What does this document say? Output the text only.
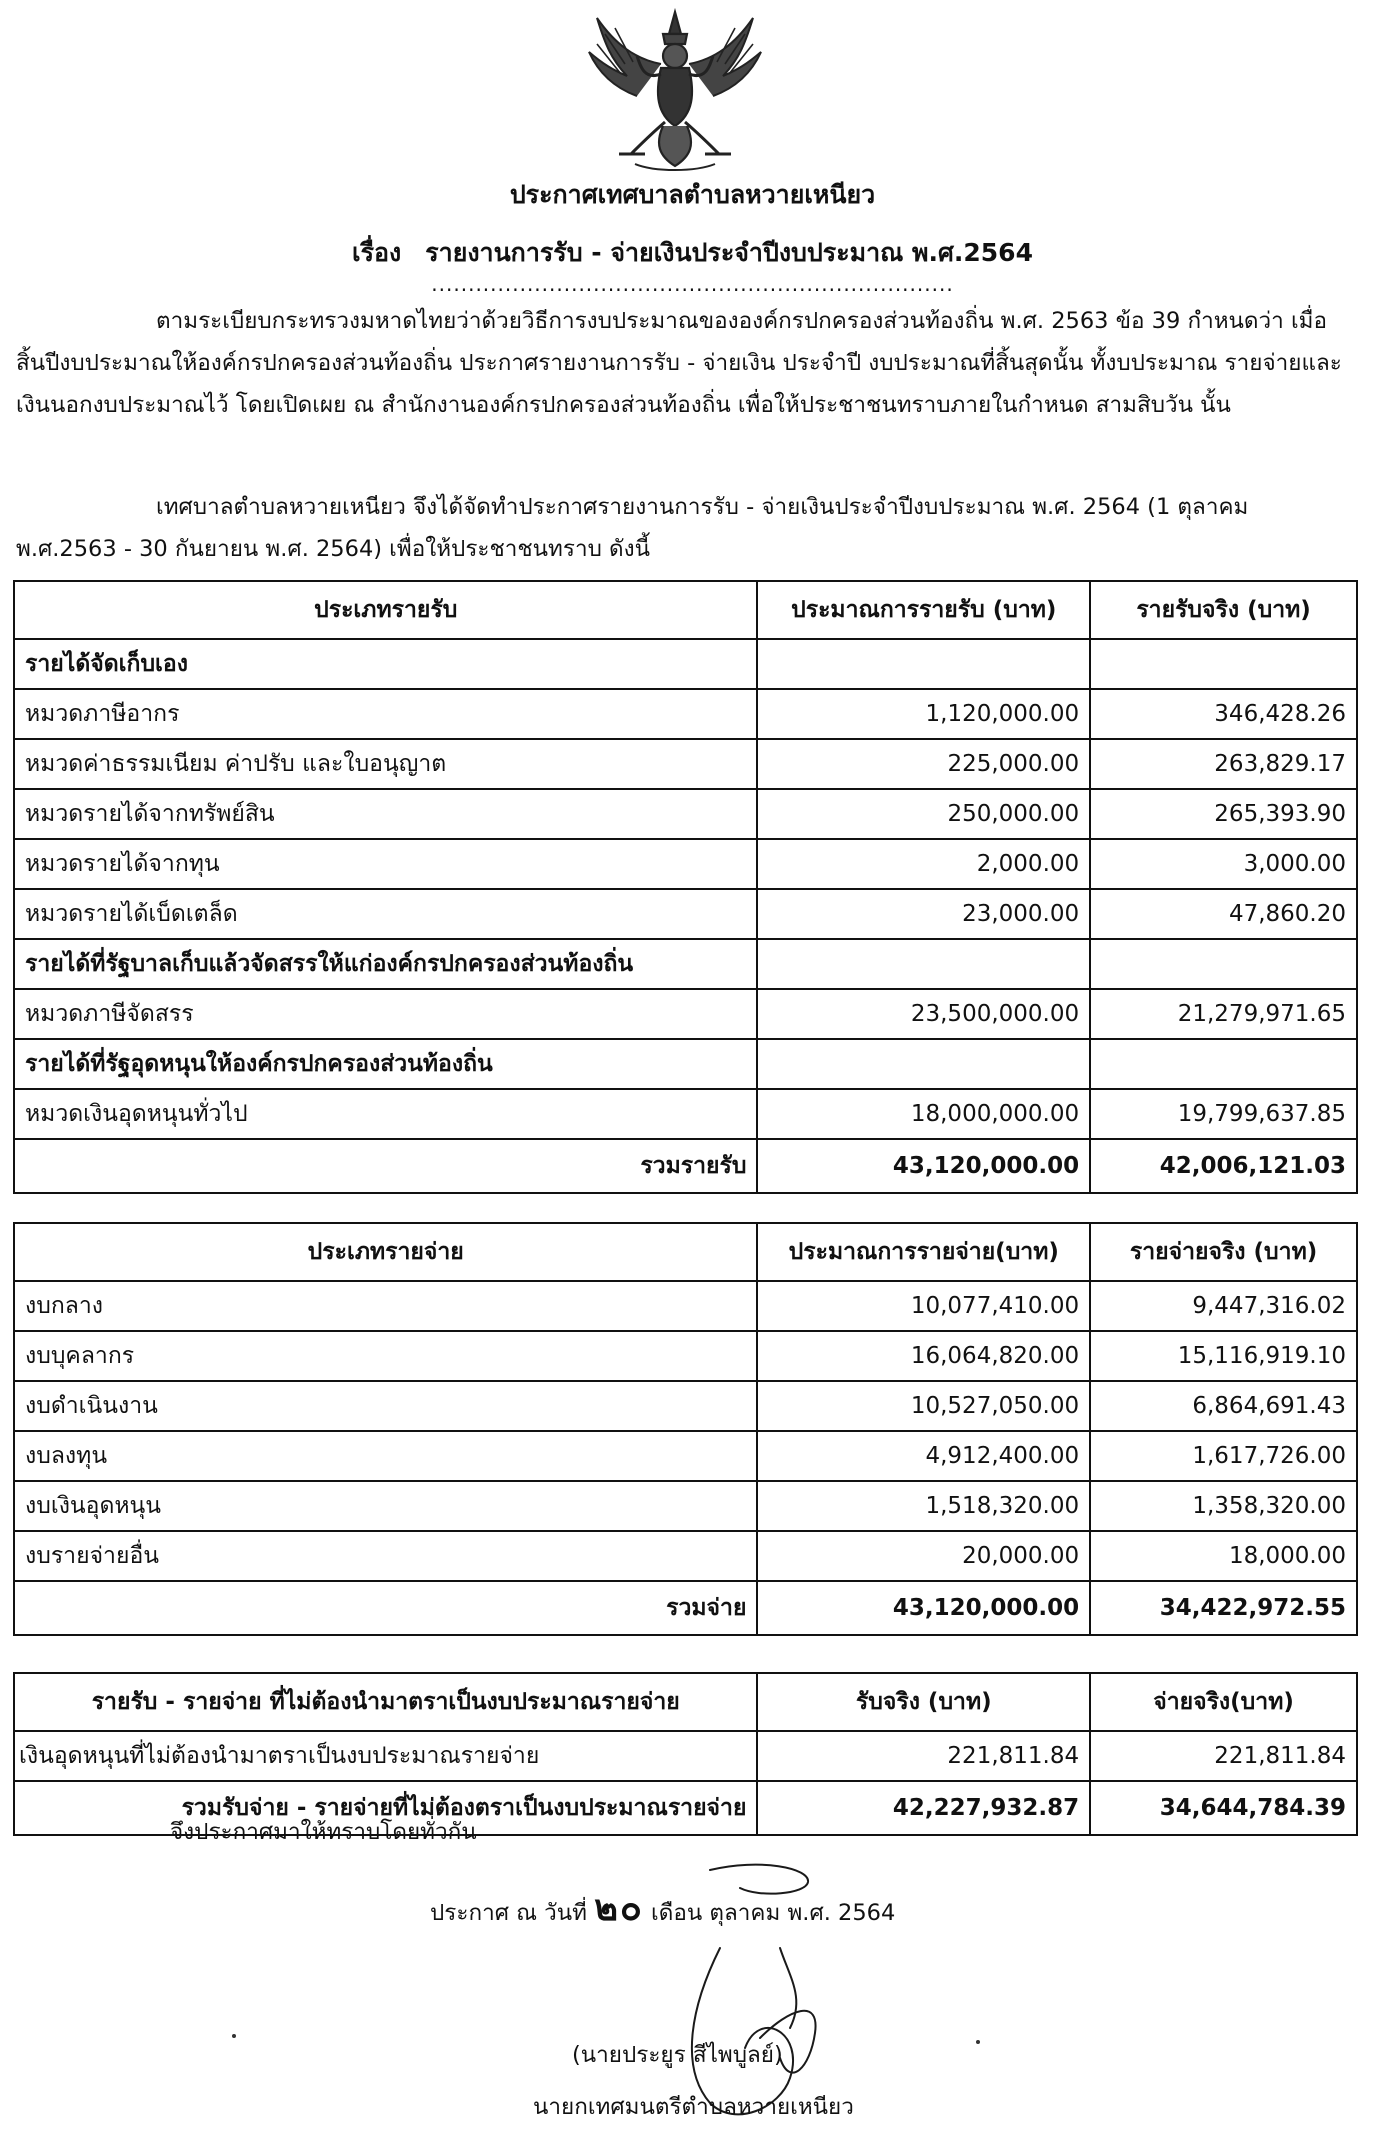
ประกาศเทศบาลตำบลหวายเหนียว
เรื่อง รายงานการรับ - จ่ายเงินประจำปีงบประมาณ พ.ศ.2564
.......................................................................
ตามระเบียบกระทรวงมหาดไทยว่าด้วยวิธีการงบประมาณขององค์กรปกครองส่วนท้องถิ่น พ.ศ. 2563 ข้อ 39 กำหนดว่า เมื่อสิ้นปีงบประมาณให้องค์กรปกครองส่วนท้องถิ่น ประกาศรายงานการรับ - จ่ายเงิน ประจำปี งบประมาณที่สิ้นสุดนั้น ทั้งบประมาณ รายจ่ายและเงินนอกงบประมาณไว้ โดยเปิดเผย ณ สำนักงานองค์กรปกครองส่วนท้องถิ่น เพื่อให้ประชาชนทราบภายในกำหนด สามสิบวัน นั้น
เทศบาลตำบลหวายเหนียว จึงได้จัดทำประกาศรายงานการรับ - จ่ายเงินประจำปีงบประมาณ พ.ศ. 2564 (1 ตุลาคม พ.ศ.2563 - 30 กันยายน พ.ศ. 2564) เพื่อให้ประชาชนทราบ ดังนี้
ประเภทรายรับ	ประมาณการรายรับ (บาท)	รายรับจริง (บาท)
รายได้จัดเก็บเอง		
หมวดภาษีอากร	1,120,000.00	346,428.26
หมวดค่าธรรมเนียม ค่าปรับ และใบอนุญาต	225,000.00	263,829.17
หมวดรายได้จากทรัพย์สิน	250,000.00	265,393.90
หมวดรายได้จากทุน	2,000.00	3,000.00
หมวดรายได้เบ็ดเตล็ด	23,000.00	47,860.20
รายได้ที่รัฐบาลเก็บแล้วจัดสรรให้แก่องค์กรปกครองส่วนท้องถิ่น		
หมวดภาษีจัดสรร	23,500,000.00	21,279,971.65
รายได้ที่รัฐอุดหนุนให้องค์กรปกครองส่วนท้องถิ่น		
หมวดเงินอุดหนุนทั่วไป	18,000,000.00	19,799,637.85
รวมรายรับ	43,120,000.00	42,006,121.03
ประเภทรายจ่าย	ประมาณการรายจ่าย(บาท)	รายจ่ายจริง (บาท)
งบกลาง	10,077,410.00	9,447,316.02
งบบุคลากร	16,064,820.00	15,116,919.10
งบดำเนินงาน	10,527,050.00	6,864,691.43
งบลงทุน	4,912,400.00	1,617,726.00
งบเงินอุดหนุน	1,518,320.00	1,358,320.00
งบรายจ่ายอื่น	20,000.00	18,000.00
รวมจ่าย	43,120,000.00	34,422,972.55
รายรับ - รายจ่าย ที่ไม่ต้องนำมาตราเป็นงบประมาณรายจ่าย	รับจริง (บาท)	จ่ายจริง(บาท)
เงินอุดหนุนที่ไม่ต้องนำมาตราเป็นงบประมาณรายจ่าย	221,811.84	221,811.84
รวมรับจ่าย - รายจ่ายที่ไม่ต้องตราเป็นงบประมาณรายจ่าย	42,227,932.87	34,644,784.39
จึงประกาศมาให้ทราบโดยทั่วกัน
ประกาศ ณ วันที่ ๒๐ เดือน ตุลาคม พ.ศ. 2564
(นายประยูร สีไพบูลย์)
นายกเทศมนตรีตำบลหวายเหนียว
